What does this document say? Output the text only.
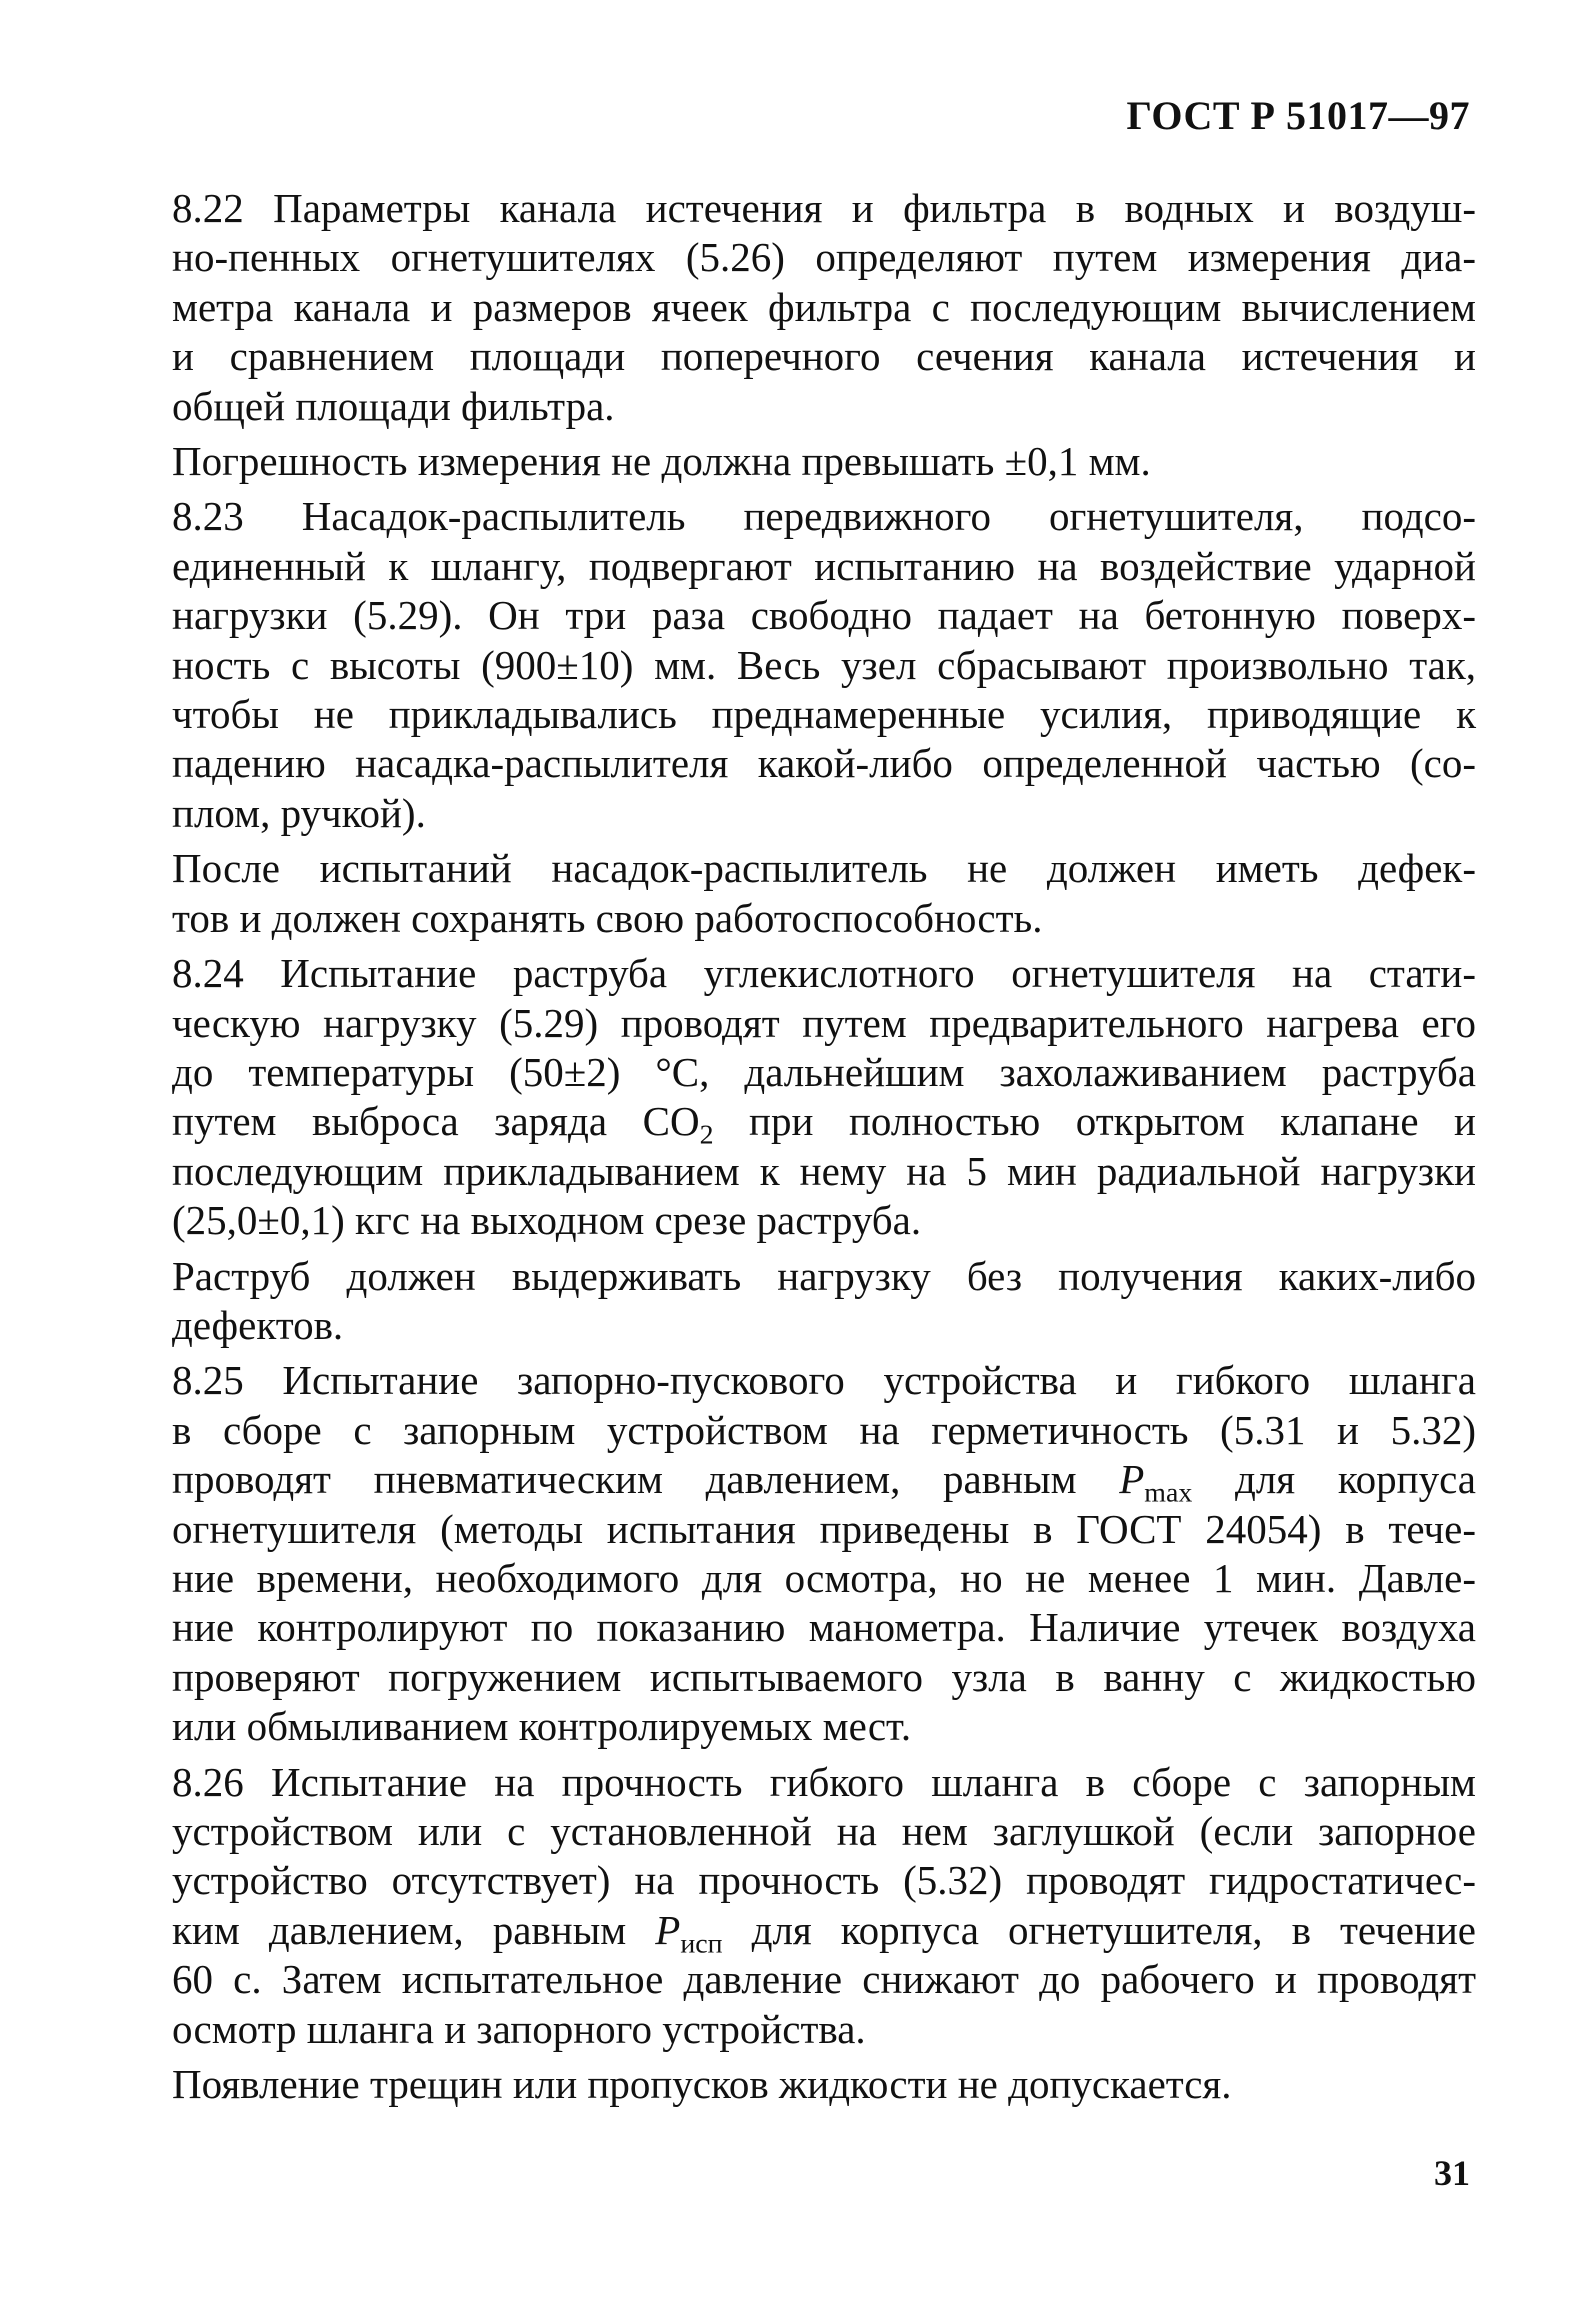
ГОСТ Р 51017—97

8.22 Параметры канала истечения и фильтра в водных и воздуш-
но-пенных огнетушителях (5.26) определяют путем измерения диа-
метра канала и размеров ячеек фильтра с последующим вычислением
и сравнением площади поперечного сечения канала истечения и
общей площади фильтра.

Погрешность измерения не должна превышать ±0,1 мм.

8.23 Насадок-распылитель передвижного огнетушителя, подсо-
единенный к шлангу, подвергают испытанию на воздействие ударной
нагрузки (5.29). Он три раза свободно падает на бетонную поверх-
ность с высоты (900±10) мм. Весь узел сбрасывают произвольно так,
чтобы не прикладывались преднамеренные усилия, приводящие к
падению насадка-распылителя какой-либо определенной частью (со-
плом, ручкой).

После испытаний насадок-распылитель не должен иметь дефек-
тов и должен сохранять свою работоспособность.

8.24 Испытание раструба углекислотного огнетушителя на стати-
ческую нагрузку (5.29) проводят путем предварительного нагрева его
до температуры (50±2) °С, дальнейшим захолаживанием раструба
путем выброса заряда $CO_2$ при полностью открытом клапане и
последующим прикладыванием к нему на 5 мин радиальной нагрузки
(25,0±0,1) кгс на выходном срезе раструба.

Раструб должен выдерживать нагрузку без получения каких-либо
дефектов.

8.25 Испытание запорно-пускового устройства и гибкого шланга
в сборе с запорным устройством на герметичность (5.31 и 5.32)
проводят пневматическим давлением, равным $P_{max}$ для корпуса
огнетушителя (методы испытания приведены в ГОСТ 24054) в тече-
ние времени, необходимого для осмотра, но не менее 1 мин. Давле-
ние контролируют по показанию манометра. Наличие утечек воздуха
проверяют погружением испытываемого узла в ванну с жидкостью
или обмыливанием контролируемых мест.

8.26 Испытание на прочность гибкого шланга в сборе с запорным
устройством или с установленной на нем заглушкой (если запорное
устройство отсутствует) на прочность (5.32) проводят гидростатичес-
ким давлением, равным $P_{исп}$ для корпуса огнетушителя, в течение
60 с. Затем испытательное давление снижают до рабочего и проводят
осмотр шланга и запорного устройства.

Появление трещин или пропусков жидкости не допускается.

31
